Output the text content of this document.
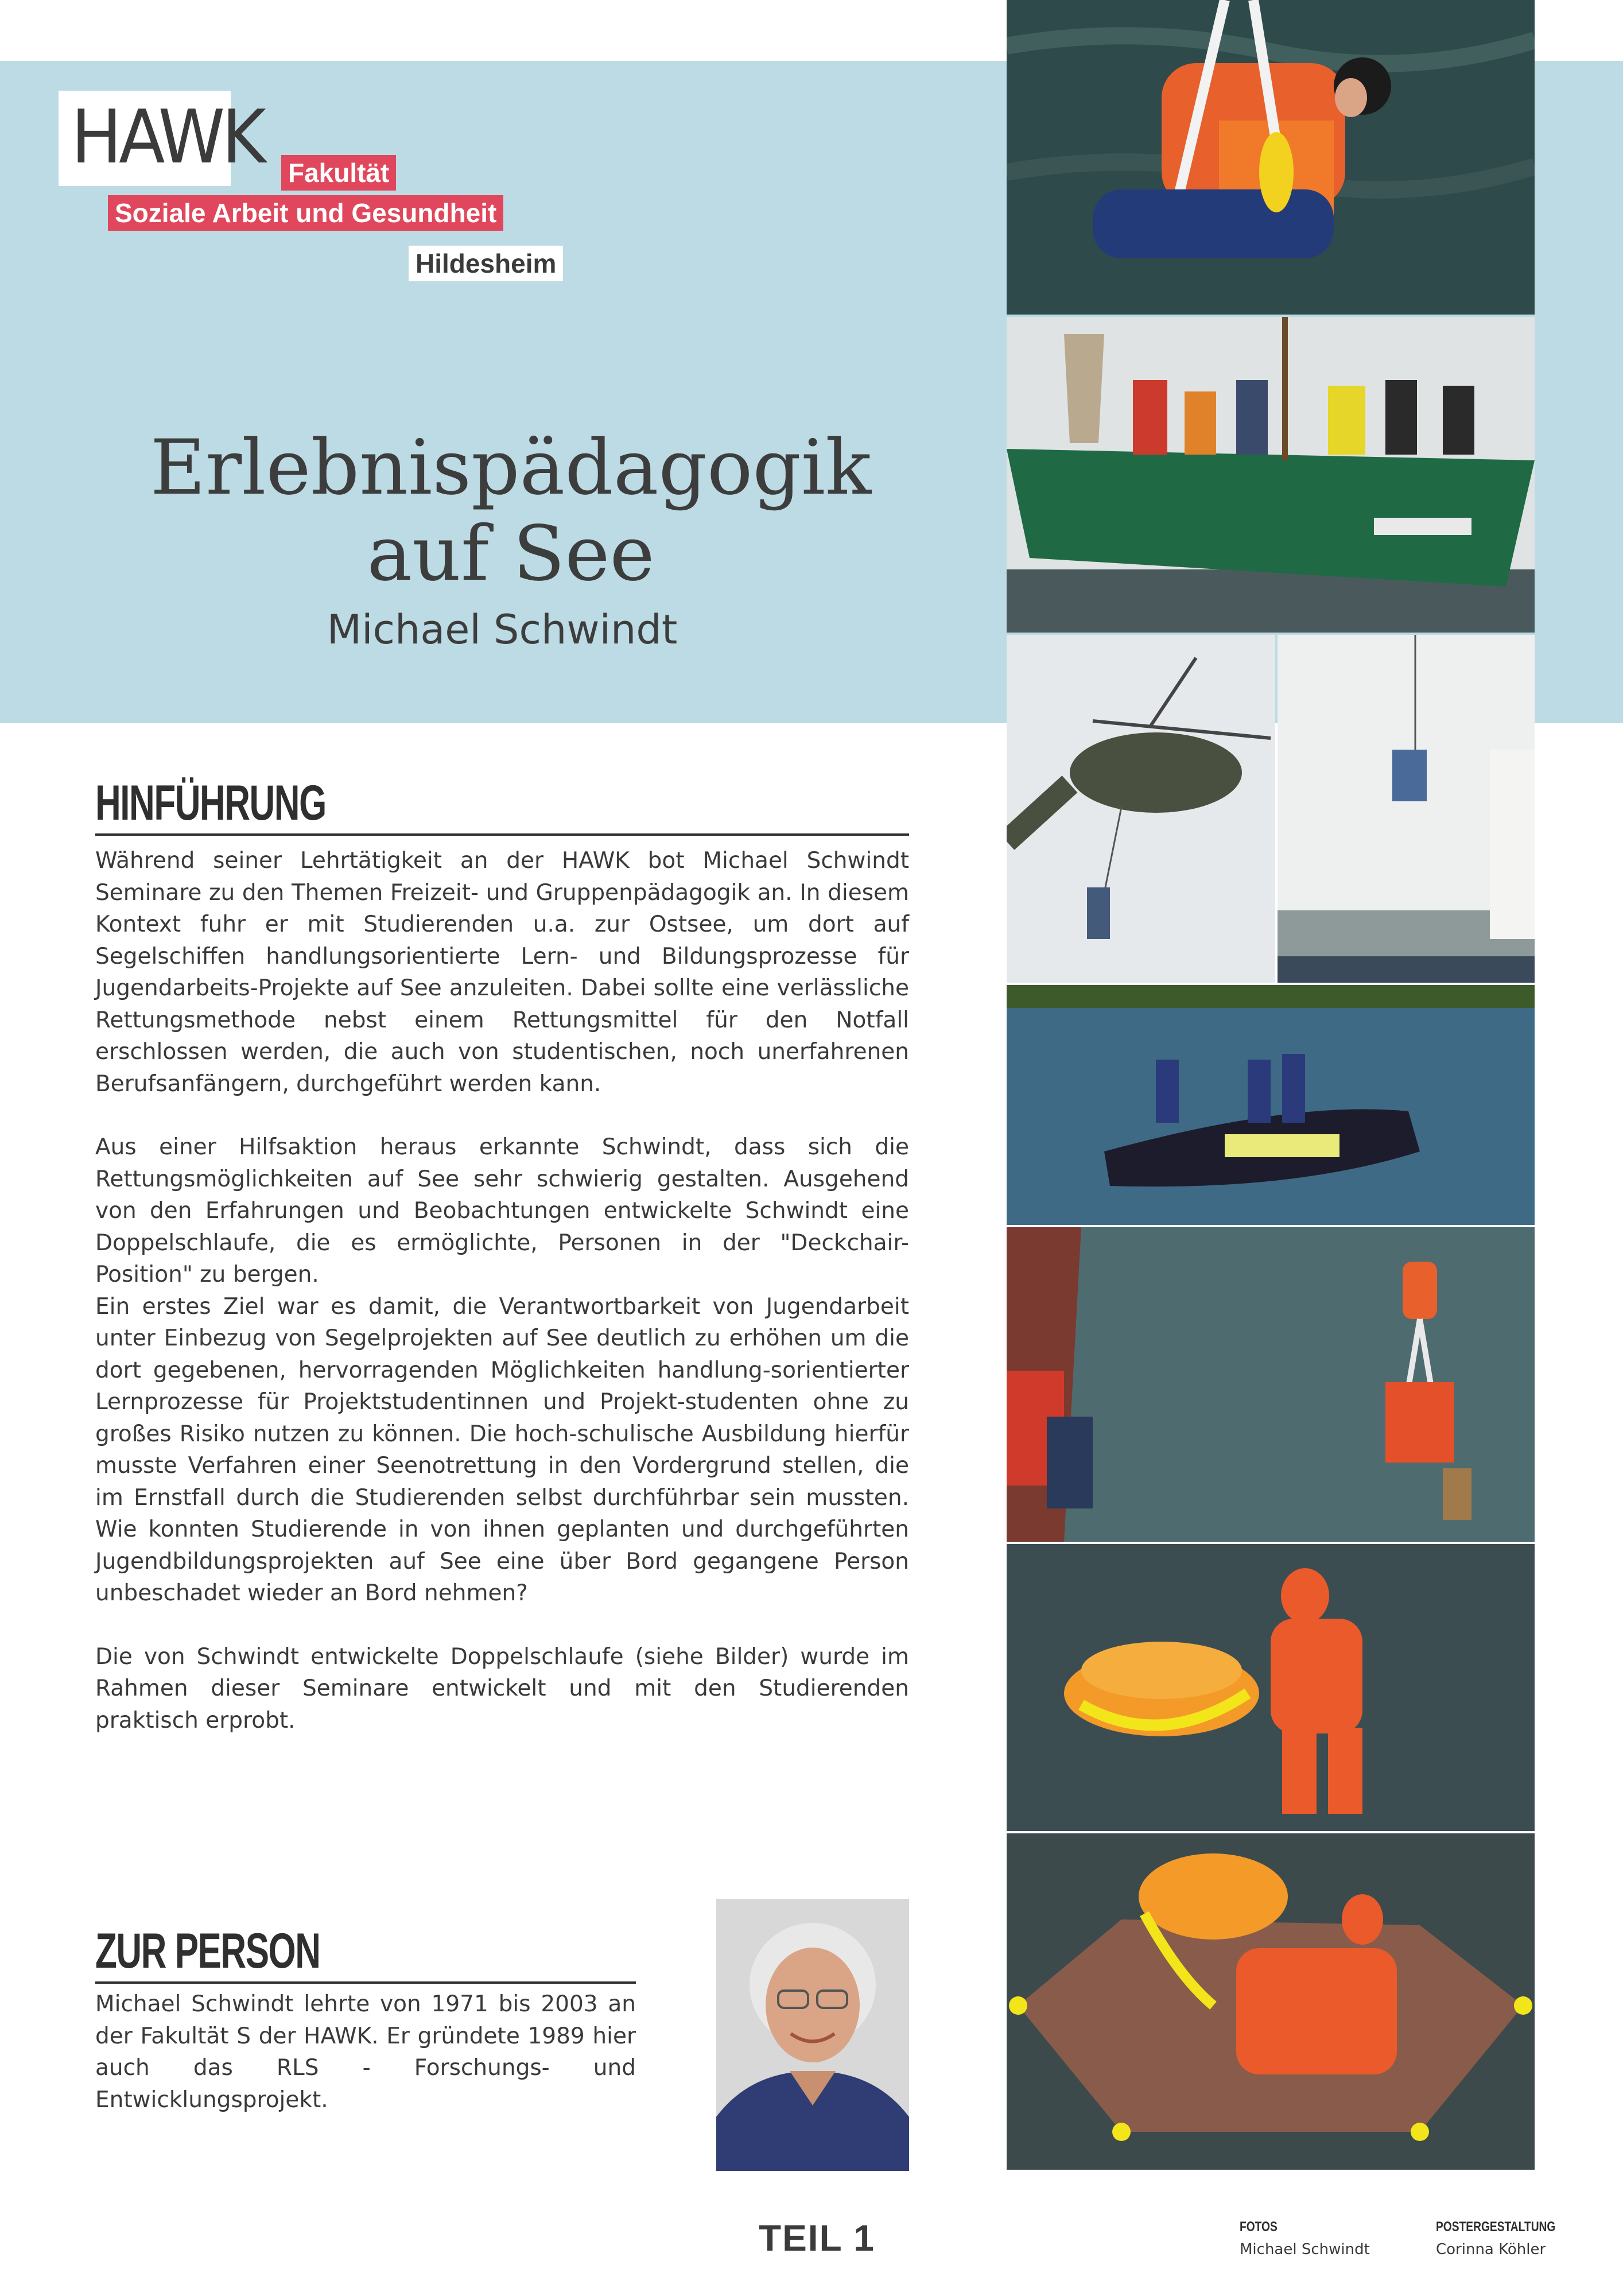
HAWK Fakultät
Soziale Arbeit und Gesundheit
Hildesheim
Erlebnispädagogik
auf See
Michael Schwindt
HINFÜHRUNG

Während seiner Lehrtätigkeit an der HAWK bot Michael Schwindt Seminare zu den Themen Freizeit- und Gruppenpädagogik an. In diesem Kontext fuhr er mit Studierenden u.a. zur Ostsee, um dort auf Segelschiffen handlungsorientierte Lern- und Bildungsprozesse für Jugendarbeits-Projekte auf See anzuleiten. Dabei sollte eine verlässliche Rettungsmethode nebst einem Rettungsmittel für den Notfall erschlossen werden, die auch von studentischen, noch unerfahrenen Berufsanfängern, durchgeführt werden kann.

Aus einer Hilfsaktion heraus erkannte Schwindt, dass sich die Rettungsmöglichkeiten auf See sehr schwierig gestalten. Ausgehend von den Erfahrungen und Beobachtungen entwickelte Schwindt eine Doppelschlaufe, die es ermöglichte, Personen in der "Deckchair-Position" zu bergen.

Ein erstes Ziel war es damit, die Verantwortbarkeit von Jugendarbeit unter Einbezug von Segelprojekten auf See deutlich zu erhöhen um die dort gegebenen, hervorragenden Möglichkeiten handlung-sorientierter Lernprozesse für Projektstudentinnen und Projekt-studenten ohne zu großes Risiko nutzen zu können. Die hoch-schulische Ausbildung hierfür musste Verfahren einer Seenotrettung in den Vordergrund stellen, die im Ernstfall durch die Studierenden selbst durchführbar sein mussten. Wie konnten Studierende in von ihnen geplanten und durchgeführten Jugendbildungsprojekten auf See eine über Bord gegangene Person unbeschadet wieder an Bord nehmen?

Die von Schwindt entwickelte Doppelschlaufe (siehe Bilder) wurde im Rahmen dieser Seminare entwickelt und mit den Studierenden praktisch erprobt.

ZUR PERSON
Michael Schwindt lehrte von 1971 bis 2003 an der Fakultät S der HAWK. Er gründete 1989 hier auch das RLS - Forschungs- und Entwicklungsprojekt.
TEIL 1	FOTOS
Michael Schwindt
POSTERGESTALTUNG
Corinna Köhler
